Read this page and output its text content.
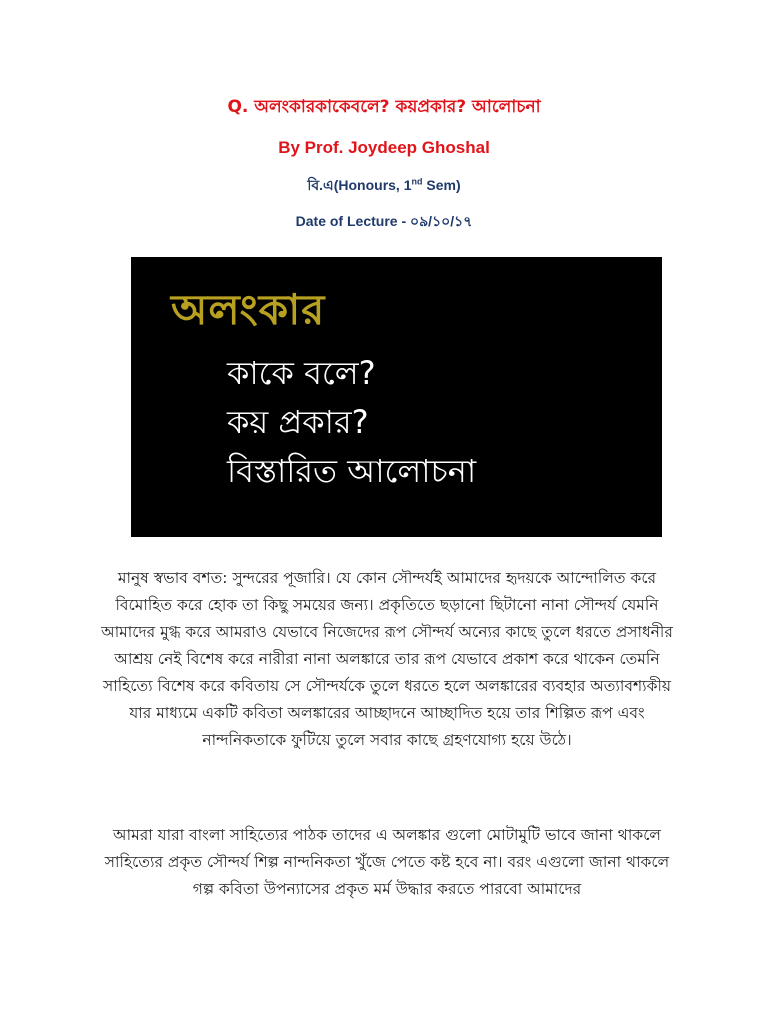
Q. অলংকারকাকেবলে? কয়প্রকার? আলোচনা
By Prof. Joydeep Ghoshal
বি.এ(Honours, 1nd Sem)
Date of Lecture - ০৯/১০/১৭
অলংকার
কাকে বলে?
কয় প্রকার?
বিস্তারিত আলোচনা
মানুষ স্বভাব বশত: সুন্দরের পূজারি। যে কোন সৌন্দর্যই আমাদের হৃদয়কে আন্দোলিত করে বিমোহিত করে হোক তা কিছু সময়ের জন্য। প্রকৃতিতে ছড়ানো ছিটানো নানা সৌন্দর্য যেমনি আমাদের মুগ্ধ করে আমরাও যেভাবে নিজেদের রূপ সৌন্দর্য অন্যের কাছে তুলে ধরতে প্রসাধনীর আশ্রয় নেই বিশেষ করে নারীরা নানা অলঙ্কারে তার রূপ যেভাবে প্রকাশ করে থাকেন তেমনি সাহিত্যে বিশেষ করে কবিতায় সে সৌন্দর্যকে তুলে ধরতে হলে অলঙ্কারের ব্যবহার অত্যাবশ্যকীয় যার মাধ্যমে একটি কবিতা অলঙ্কারের আচ্ছাদনে আচ্ছাদিত হয়ে তার শিল্পিত রূপ এবং নান্দনিকতাকে ফুটিয়ে তুলে সবার কাছে গ্রহণযোগ্য হয়ে উঠে।
আমরা যারা বাংলা সাহিত্যের পাঠক তাদের এ অলঙ্কার গুলো মোটামুটি ভাবে জানা থাকলে সাহিত্যের প্রকৃত সৌন্দর্য শিল্প নান্দনিকতা খুঁজে পেতে কষ্ট হবে না। বরং এগুলো জানা থাকলে গল্প কবিতা উপন্যাসের প্রকৃত মর্ম উদ্ধার করতে পারবো আমাদের
